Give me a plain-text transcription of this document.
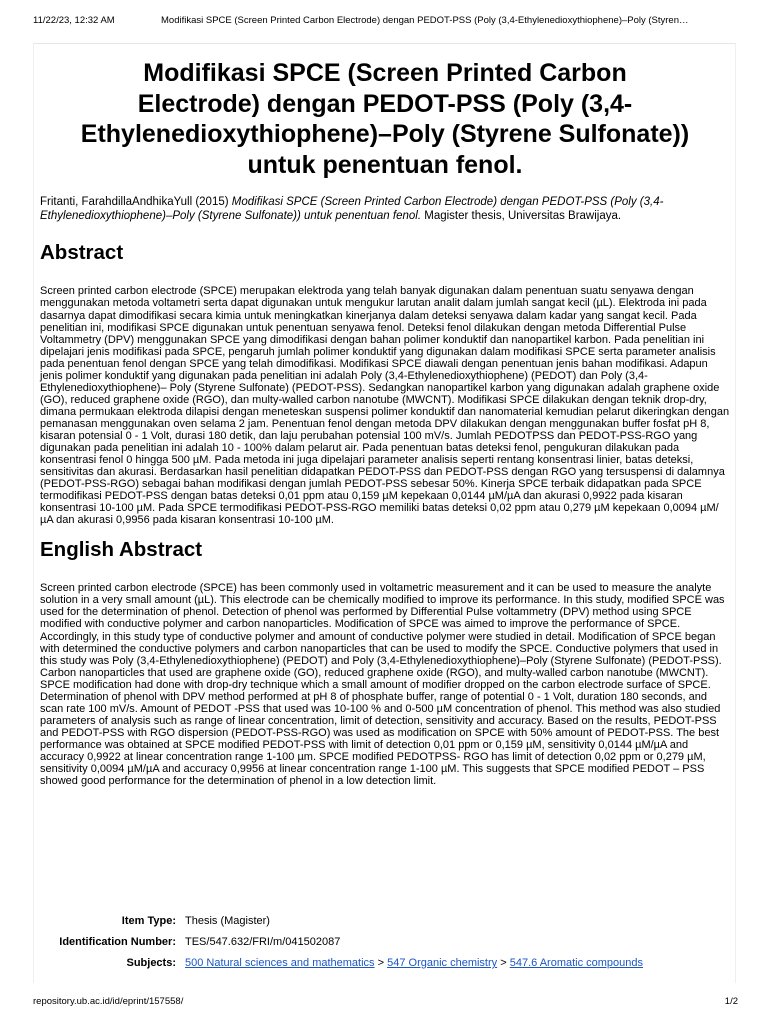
11/22/23, 12:32 AM	Modifikasi SPCE (Screen Printed Carbon Electrode) dengan PEDOT-PSS (Poly (3,4-Ethylenedioxythiophene)–Poly (Styren…
Modifikasi SPCE (Screen Printed Carbon Electrode) dengan PEDOT-PSS (Poly (3,4-Ethylenedioxythiophene)–Poly (Styrene Sulfonate)) untuk penentuan fenol.
Fritanti, FarahdillaAndhikaYull (2015) Modifikasi SPCE (Screen Printed Carbon Electrode) dengan PEDOT-PSS (Poly (3,4-Ethylenedioxythiophene)–Poly (Styrene Sulfonate)) untuk penentuan fenol. Magister thesis, Universitas Brawijaya.
Abstract
Screen printed carbon electrode (SPCE) merupakan elektroda yang telah banyak digunakan dalam penentuan suatu senyawa dengan menggunakan metoda voltametri serta dapat digunakan untuk mengukur larutan analit dalam jumlah sangat kecil (µL). Elektroda ini pada dasarnya dapat dimodifikasi secara kimia untuk meningkatkan kinerjanya dalam deteksi senyawa dalam kadar yang sangat kecil. Pada penelitian ini, modifikasi SPCE digunakan untuk penentuan senyawa fenol. Deteksi fenol dilakukan dengan metoda Differential Pulse Voltammetry (DPV) menggunakan SPCE yang dimodifikasi dengan bahan polimer konduktif dan nanopartikel karbon. Pada penelitian ini dipelajari jenis modifikasi pada SPCE, pengaruh jumlah polimer konduktif yang digunakan dalam modifikasi SPCE serta parameter analisis pada penentuan fenol dengan SPCE yang telah dimodifikasi. Modifikasi SPCE diawali dengan penentuan jenis bahan modifikasi. Adapun jenis polimer konduktif yang digunakan pada penelitian ini adalah Poly (3,4-Ethylenedioxythiophene) (PEDOT) dan Poly (3,4-Ethylenedioxythiophene)– Poly (Styrene Sulfonate) (PEDOT-PSS). Sedangkan nanopartikel karbon yang digunakan adalah graphene oxide (GO), reduced graphene oxide (RGO), dan multy-walled carbon nanotube (MWCNT). Modifikasi SPCE dilakukan dengan teknik drop-dry, dimana permukaan elektroda dilapisi dengan meneteskan suspensi polimer konduktif dan nanomaterial kemudian pelarut dikeringkan dengan pemanasan menggunakan oven selama 2 jam. Penentuan fenol dengan metoda DPV dilakukan dengan menggunakan buffer fosfat pH 8, kisaran potensial 0 - 1 Volt, durasi 180 detik, dan laju perubahan potensial 100 mV/s. Jumlah PEDOTPSS dan PEDOT-PSS-RGO yang digunakan pada penelitian ini adalah 10 - 100% dalam pelarut air. Pada penentuan batas deteksi fenol, pengukuran dilakukan pada konsentrasi fenol 0 hingga 500 µM. Pada metoda ini juga dipelajari parameter analisis seperti rentang konsentrasi linier, batas deteksi, sensitivitas dan akurasi. Berdasarkan hasil penelitian didapatkan PEDOT-PSS dan PEDOT-PSS dengan RGO yang tersuspensi di dalamnya (PEDOT-PSS-RGO) sebagai bahan modifikasi dengan jumlah PEDOT-PSS sebesar 50%. Kinerja SPCE terbaik didapatkan pada SPCE termodifikasi PEDOT-PSS dengan batas deteksi 0,01 ppm atau 0,159 µM kepekaan 0,0144 µM/µA dan akurasi 0,9922 pada kisaran konsentrasi 10-100 µM. Pada SPCE termodifikasi PEDOT-PSS-RGO memiliki batas deteksi 0,02 ppm atau 0,279 µM kepekaan 0,0094 µM/µA dan akurasi 0,9956 pada kisaran konsentrasi 10-100 µM.
English Abstract
Screen printed carbon electrode (SPCE) has been commonly used in voltametric measurement and it can be used to measure the analyte solution in a very small amount (µL). This electrode can be chemically modified to improve its performance. In this study, modified SPCE was used for the determination of phenol. Detection of phenol was performed by Differential Pulse voltammetry (DPV) method using SPCE modified with conductive polymer and carbon nanoparticles. Modification of SPCE was aimed to improve the performance of SPCE. Accordingly, in this study type of conductive polymer and amount of conductive polymer were studied in detail. Modification of SPCE began with determined the conductive polymers and carbon nanoparticles that can be used to modify the SPCE. Conductive polymers that used in this study was Poly (3,4-Ethylenedioxythiophene) (PEDOT) and Poly (3,4-Ethylenedioxythiophene)–Poly (Styrene Sulfonate) (PEDOT-PSS). Carbon nanoparticles that used are graphene oxide (GO), reduced graphene oxide (RGO), and multy-walled carbon nanotube (MWCNT). SPCE modification had done with drop-dry technique which a small amount of modifier dropped on the carbon electrode surface of SPCE. Determination of phenol with DPV method performed at pH 8 of phosphate buffer, range of potential 0 - 1 Volt, duration 180 seconds, and scan rate 100 mV/s. Amount of PEDOT -PSS that used was 10-100 % and 0-500 µM concentration of phenol. This method was also studied parameters of analysis such as range of linear concentration, limit of detection, sensitivity and accuracy. Based on the results, PEDOT-PSS and PEDOT-PSS with RGO dispersion (PEDOT-PSS-RGO) was used as modification on SPCE with 50% amount of PEDOT-PSS. The best performance was obtained at SPCE modified PEDOT-PSS with limit of detection 0,01 ppm or 0,159 µM, sensitivity 0,0144 µM/µA and accuracy 0,9922 at linear concentration range 1-100 µm. SPCE modified PEDOTPSS- RGO has limit of detection 0,02 ppm or 0,279 µM, sensitivity 0,0094 µM/µA and accuracy 0,9956 at linear concentration range 1-100 µM. This suggests that SPCE modified PEDOT – PSS showed good performance for the determination of phenol in a low detection limit.
Item Type:	Thesis (Magister)
Identification Number:	TES/547.632/FRI/m/041502087
Subjects:	500 Natural sciences and mathematics > 547 Organic chemistry > 547.6 Aromatic compounds
repository.ub.ac.id/id/eprint/157558/	1/2
